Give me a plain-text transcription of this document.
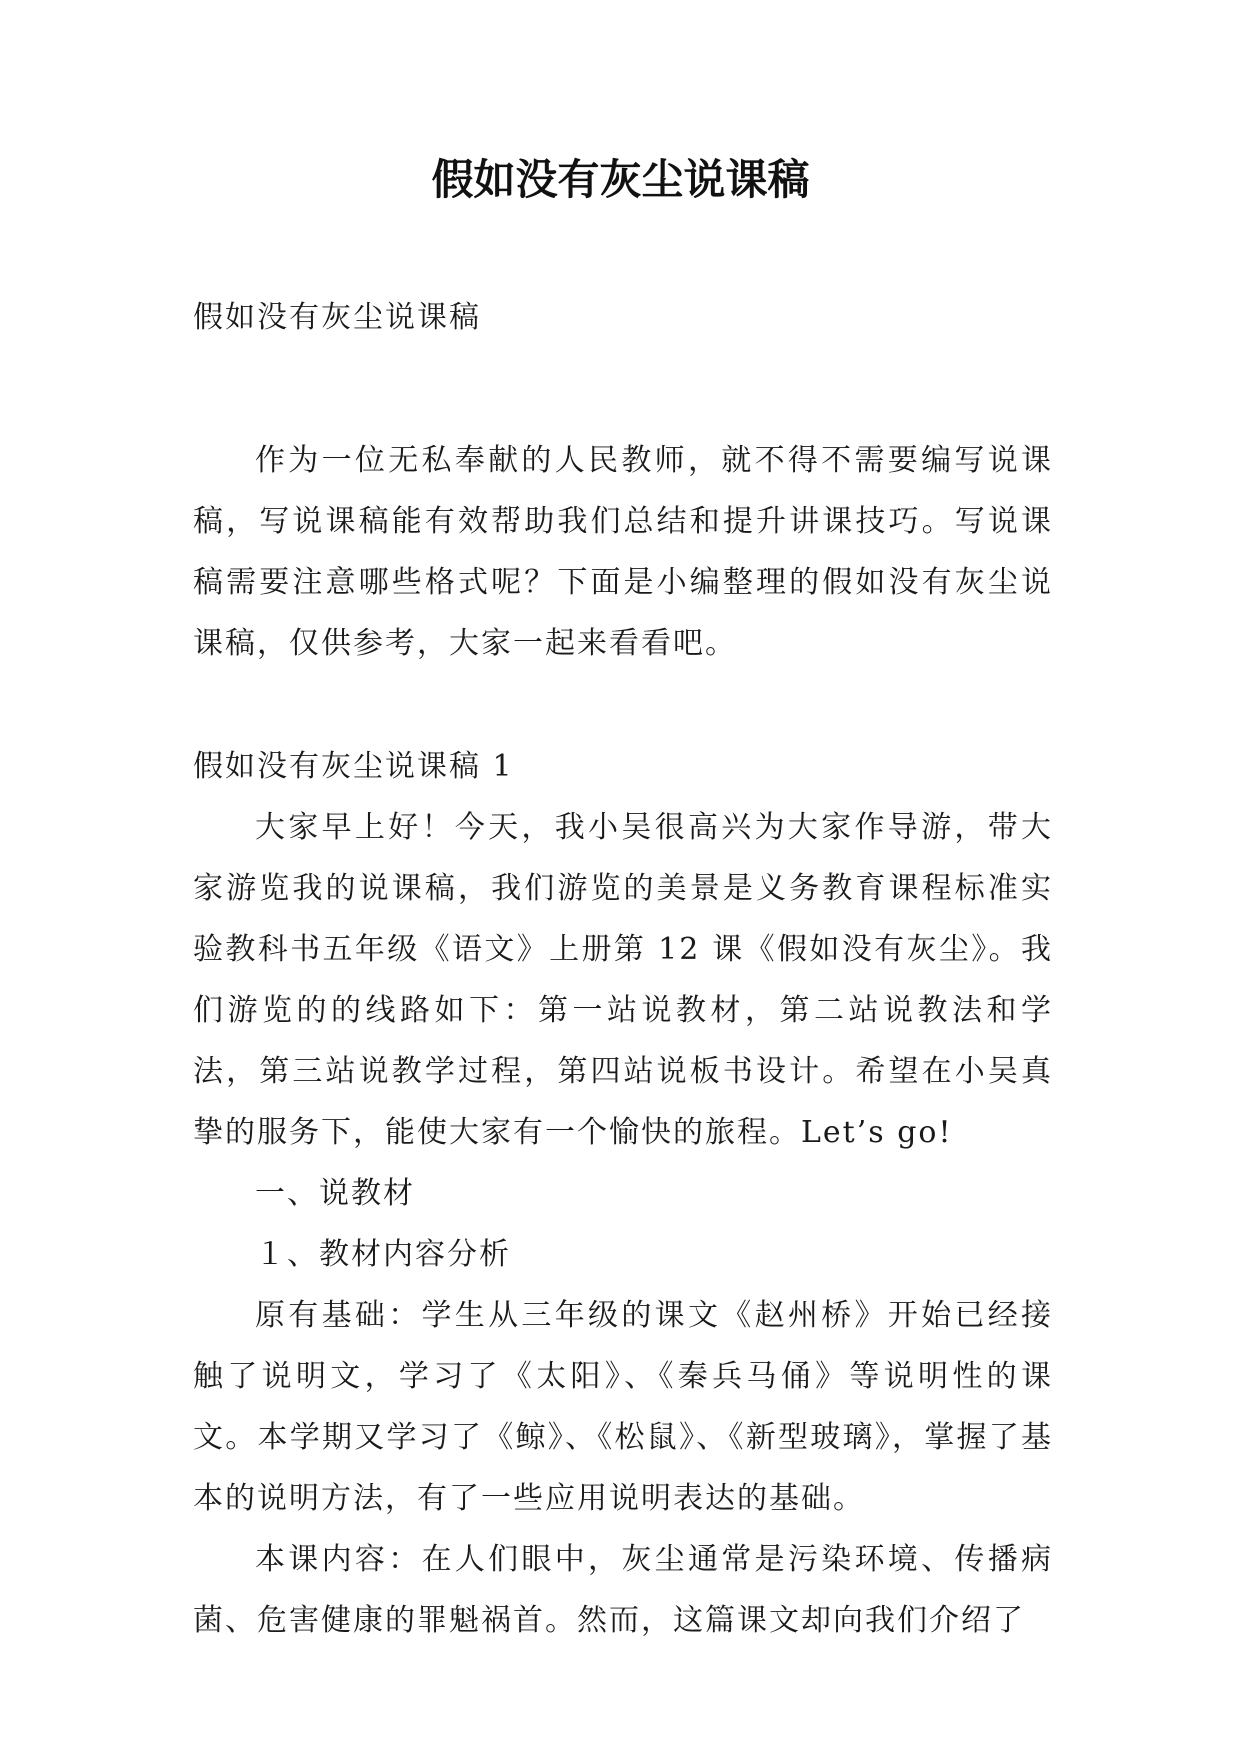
假如没有灰尘说课稿

假如没有灰尘说课稿

作为一位无私奉献的人民教师，就不得不需要编写说课稿，写说课稿能有效帮助我们总结和提升讲课技巧。写说课稿需要注意哪些格式呢？下面是小编整理的假如没有灰尘说课稿，仅供参考，大家一起来看看吧。

假如没有灰尘说课稿 1

大家早上好！今天，我小吴很高兴为大家作导游，带大家游览我的说课稿，我们游览的美景是义务教育课程标准实验教科书五年级《语文》上册第 12 课《假如没有灰尘》。我们游览的的线路如下：第一站说教材，第二站说教法和学法，第三站说教学过程，第四站说板书设计。希望在小吴真挚的服务下，能使大家有一个愉快的旅程。Let’s go!

一、说教材

１、教材内容分析

原有基础：学生从三年级的课文《赵州桥》开始已经接触了说明文，学习了《太阳》、《秦兵马俑》等说明性的课文。本学期又学习了《鲸》、《松鼠》、《新型玻璃》，掌握了基本的说明方法，有了一些应用说明表达的基础。

本课内容：在人们眼中，灰尘通常是污染环境、传播病菌、危害健康的罪魁祸首。然而，这篇课文却向我们介绍了
